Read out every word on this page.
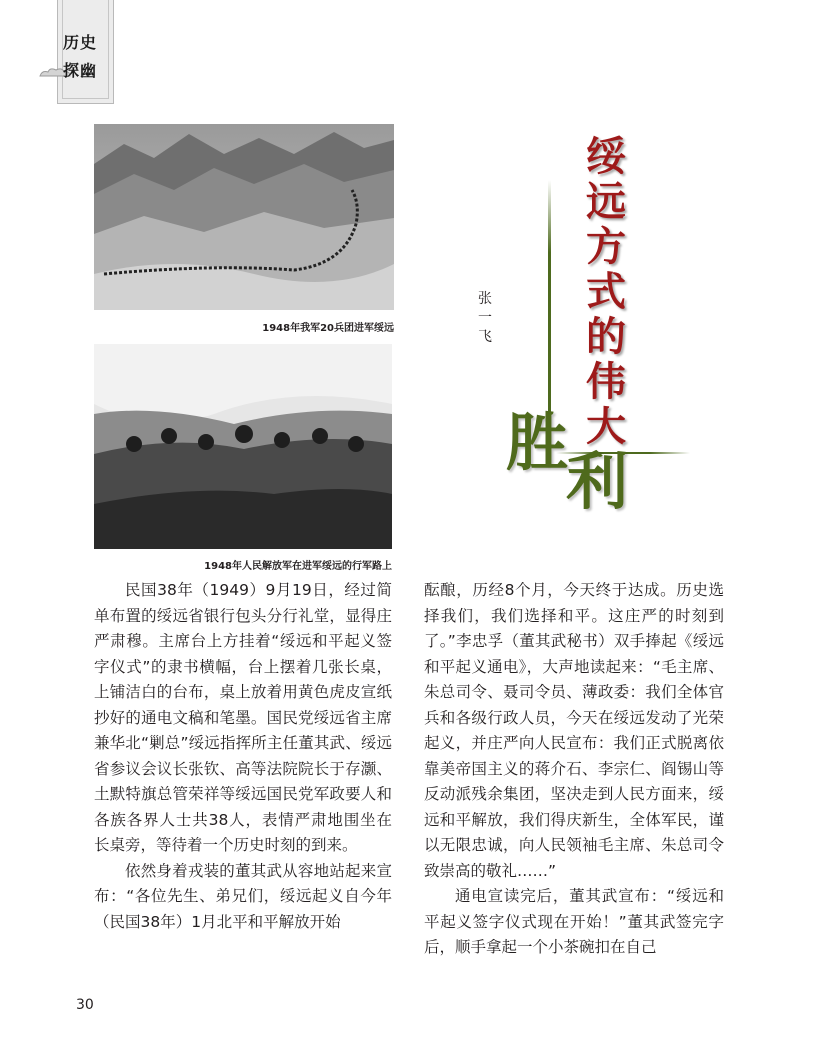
历史
探幽
1948年我军20兵团进军绥远
1948年人民解放军在进军绥远的行军路上
绥
远
方
式
的
伟
大
胜
利
张
一
飞

民国38年（1949）9月19日，经过简单布置的绥远省银行包头分行礼堂，显得庄严肃穆。主席台上方挂着“绥远和平起义签字仪式”的隶书横幅，台上摆着几张长桌，上铺洁白的台布，桌上放着用黄色虎皮宣纸抄好的通电文稿和笔墨。国民党绥远省主席兼华北“剿总”绥远指挥所主任董其武、绥远省参议会议长张钦、高等法院院长于存灏、土默特旗总管荣祥等绥远国民党军政要人和各族各界人士共38人，表情严肃地围坐在长桌旁，等待着一个历史时刻的到来。

依然身着戎装的董其武从容地站起来宣布：“各位先生、弟兄们，绥远起义自今年（民国38年）1月北平和平解放开始

酝酿，历经8个月，今天终于达成。历史选择我们，我们选择和平。这庄严的时刻到了。”李忠孚（董其武秘书）双手捧起《绥远和平起义通电》，大声地读起来：“毛主席、朱总司令、聂司令员、薄政委：我们全体官兵和各级行政人员，今天在绥远发动了光荣起义，并庄严向人民宣布：我们正式脱离依靠美帝国主义的蒋介石、李宗仁、阎锡山等反动派残余集团，坚决走到人民方面来，绥远和平解放，我们得庆新生，全体军民，谨以无限忠诚，向人民领袖毛主席、朱总司令致崇高的敬礼……”

通电宣读完后，董其武宣布：“绥远和平起义签字仪式现在开始！”董其武签完字后，顺手拿起一个小茶碗扣在自己

30
